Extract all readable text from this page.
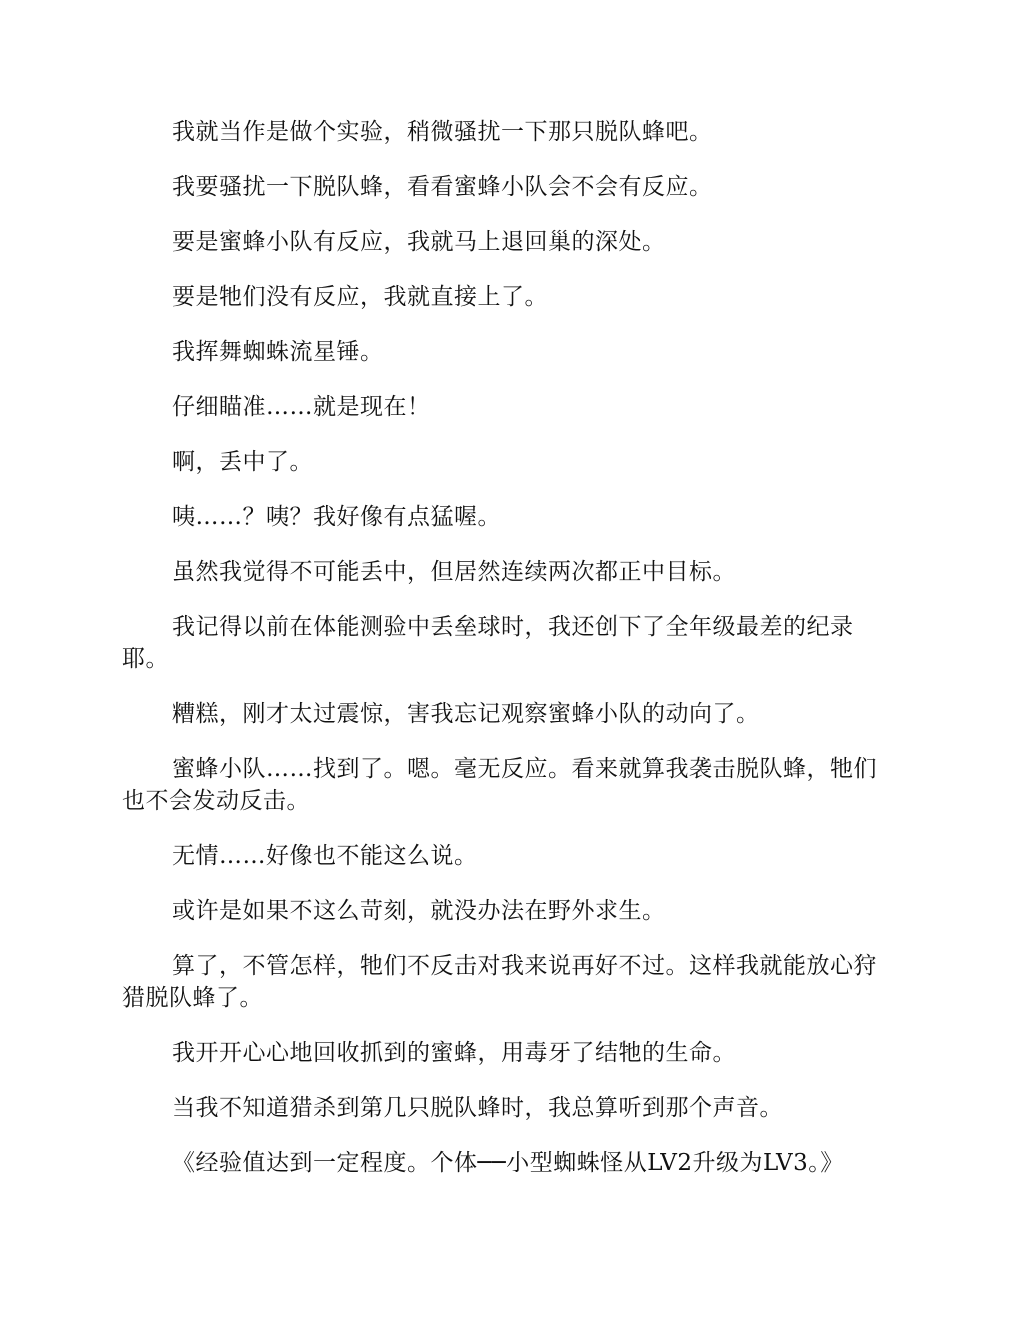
我就当作是做个实验，稍微骚扰一下那只脱队蜂吧。

我要骚扰一下脱队蜂，看看蜜蜂小队会不会有反应。

要是蜜蜂小队有反应，我就马上退回巢的深处。

要是牠们没有反应，我就直接上了。

我挥舞蜘蛛流星锤。

仔细瞄准……就是现在！

啊，丢中了。

咦……？咦？我好像有点猛喔。

虽然我觉得不可能丢中，但居然连续两次都正中目标。

我记得以前在体能测验中丢垒球时，我还创下了全年级最差的纪录耶。

糟糕，刚才太过震惊，害我忘记观察蜜蜂小队的动向了。

蜜蜂小队……找到了。嗯。毫无反应。看来就算我袭击脱队蜂，牠们也不会发动反击。

无情……好像也不能这么说。

或许是如果不这么苛刻，就没办法在野外求生。

算了，不管怎样，牠们不反击对我来说再好不过。这样我就能放心狩猎脱队蜂了。

我开开心心地回收抓到的蜜蜂，用毒牙了结牠的生命。

当我不知道猎杀到第几只脱队蜂时，我总算听到那个声音。

《经验值达到一定程度。个体──小型蜘蛛怪从LV2升级为LV3。》
